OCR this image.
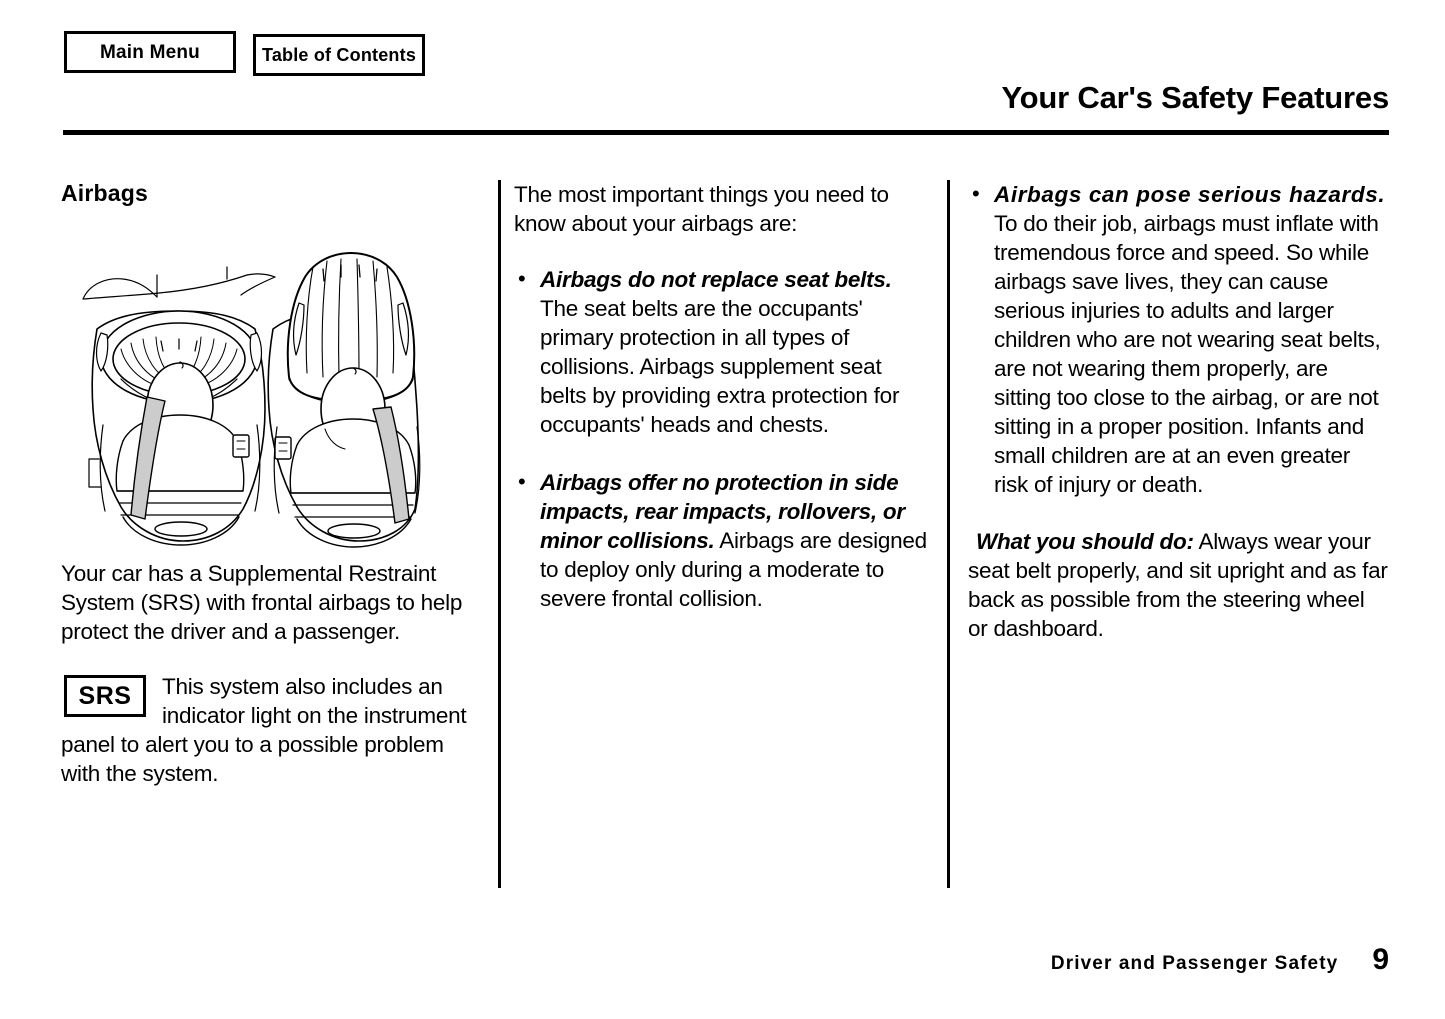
Main Menu	Table of Contents
Your Car's Safety Features
Airbags

Your car has a Supplemental Restraint System (SRS) with frontal airbags to help protect the driver and a passenger.

SRS	This system also includes an indicator light on the instrument panel to alert you to a possible problem with the system.

The most important things you need to know about your airbags are:

• Airbags do not replace seat belts. The seat belts are the occupants' primary protection in all types of collisions. Airbags supplement seat belts by providing extra protection for occupants' heads and chests.
• Airbags offer no protection in side impacts, rear impacts, rollovers, or minor collisions. Airbags are designed to deploy only during a moderate to severe frontal collision.
• Airbags can pose serious hazards. To do their job, airbags must inflate with tremendous force and speed. So while airbags save lives, they can cause serious injuries to adults and larger children who are not wearing seat belts, are not wearing them properly, are sitting too close to the airbag, or are not sitting in a proper position. Infants and small children are at an even greater risk of injury or death.

What you should do: Always wear your seat belt properly, and sit upright and as far back as possible from the steering wheel or dashboard.

Driver and Passenger Safety 9
